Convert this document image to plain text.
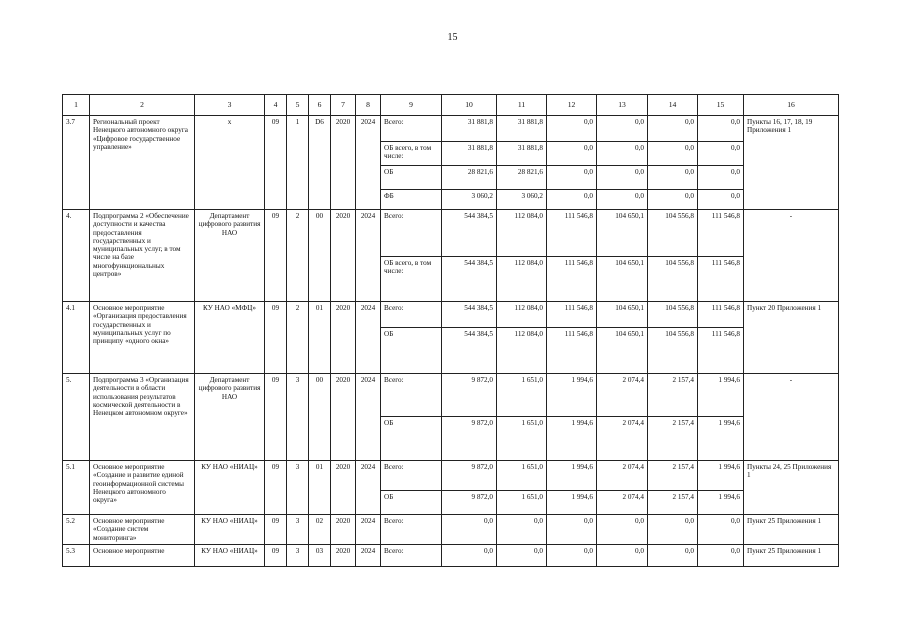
15
1	2	3	4	5	6	7	8	9	10	11	12	13	14	15	16
3.7	Региональный проект Ненецкого автономного округа «Цифровое государственное управление»	х	09	1	D6	2020	2024	Всего:	31 881,8	31 881,8	0,0	0,0	0,0	0,0	Пункты 16, 17, 18, 19 Приложения 1
								ОБ всего, в том числе:	31 881,8	31 881,8	0,0	0,0	0,0	0,0	
								ОБ	28 821,6	28 821,6	0,0	0,0	0,0	0,0	
								ФБ	3 060,2	3 060,2	0,0	0,0	0,0	0,0	
4.	Подпрограмма 2 «Обеспечение доступности и качества предоставления государственных и муниципальных услуг, в том числе на базе многофункциональных центров»	Департамент цифрового развития НАО	09	2	00	2020	2024	Всего:	544 384,5	112 084,0	111 546,8	104 650,1	104 556,8	111 546,8	-
								ОБ всего, в том числе:	544 384,5	112 084,0	111 546,8	104 650,1	104 556,8	111 546,8	
4.1	Основное мероприятие «Организация предоставления государственных и муниципальных услуг по принципу «одного окна»	КУ НАО «МФЦ»	09	2	01	2020	2024	Всего:	544 384,5	112 084,0	111 546,8	104 650,1	104 556,8	111 546,8	Пункт 20 Приложения 1
								ОБ	544 384,5	112 084,0	111 546,8	104 650,1	104 556,8	111 546,8	
5.	Подпрограмма 3 «Организация деятельности в области использования результатов космической деятельности в Ненецком автономном округе»	Департамент цифрового развития НАО	09	3	00	2020	2024	Всего:	9 872,0	1 651,0	1 994,6	2 074,4	2 157,4	1 994,6	-
								ОБ	9 872,0	1 651,0	1 994,6	2 074,4	2 157,4	1 994,6	
5.1	Основное мероприятие «Создание и развитие единой геоинформационной системы Ненецкого автономного округа»	КУ НАО «НИАЦ»	09	3	01	2020	2024	Всего:	9 872,0	1 651,0	1 994,6	2 074,4	2 157,4	1 994,6	Пункты 24, 25 Приложения 1
								ОБ	9 872,0	1 651,0	1 994,6	2 074,4	2 157,4	1 994,6	
5.2	Основное мероприятие «Создание систем мониторинга»	КУ НАО «НИАЦ»	09	3	02	2020	2024	Всего:	0,0	0,0	0,0	0,0	0,0	0,0	Пункт 25 Приложения 1
5.3	Основное мероприятие	КУ НАО «НИАЦ»	09	3	03	2020	2024	Всего:	0,0	0,0	0,0	0,0	0,0	0,0	Пункт 25 Приложения 1
